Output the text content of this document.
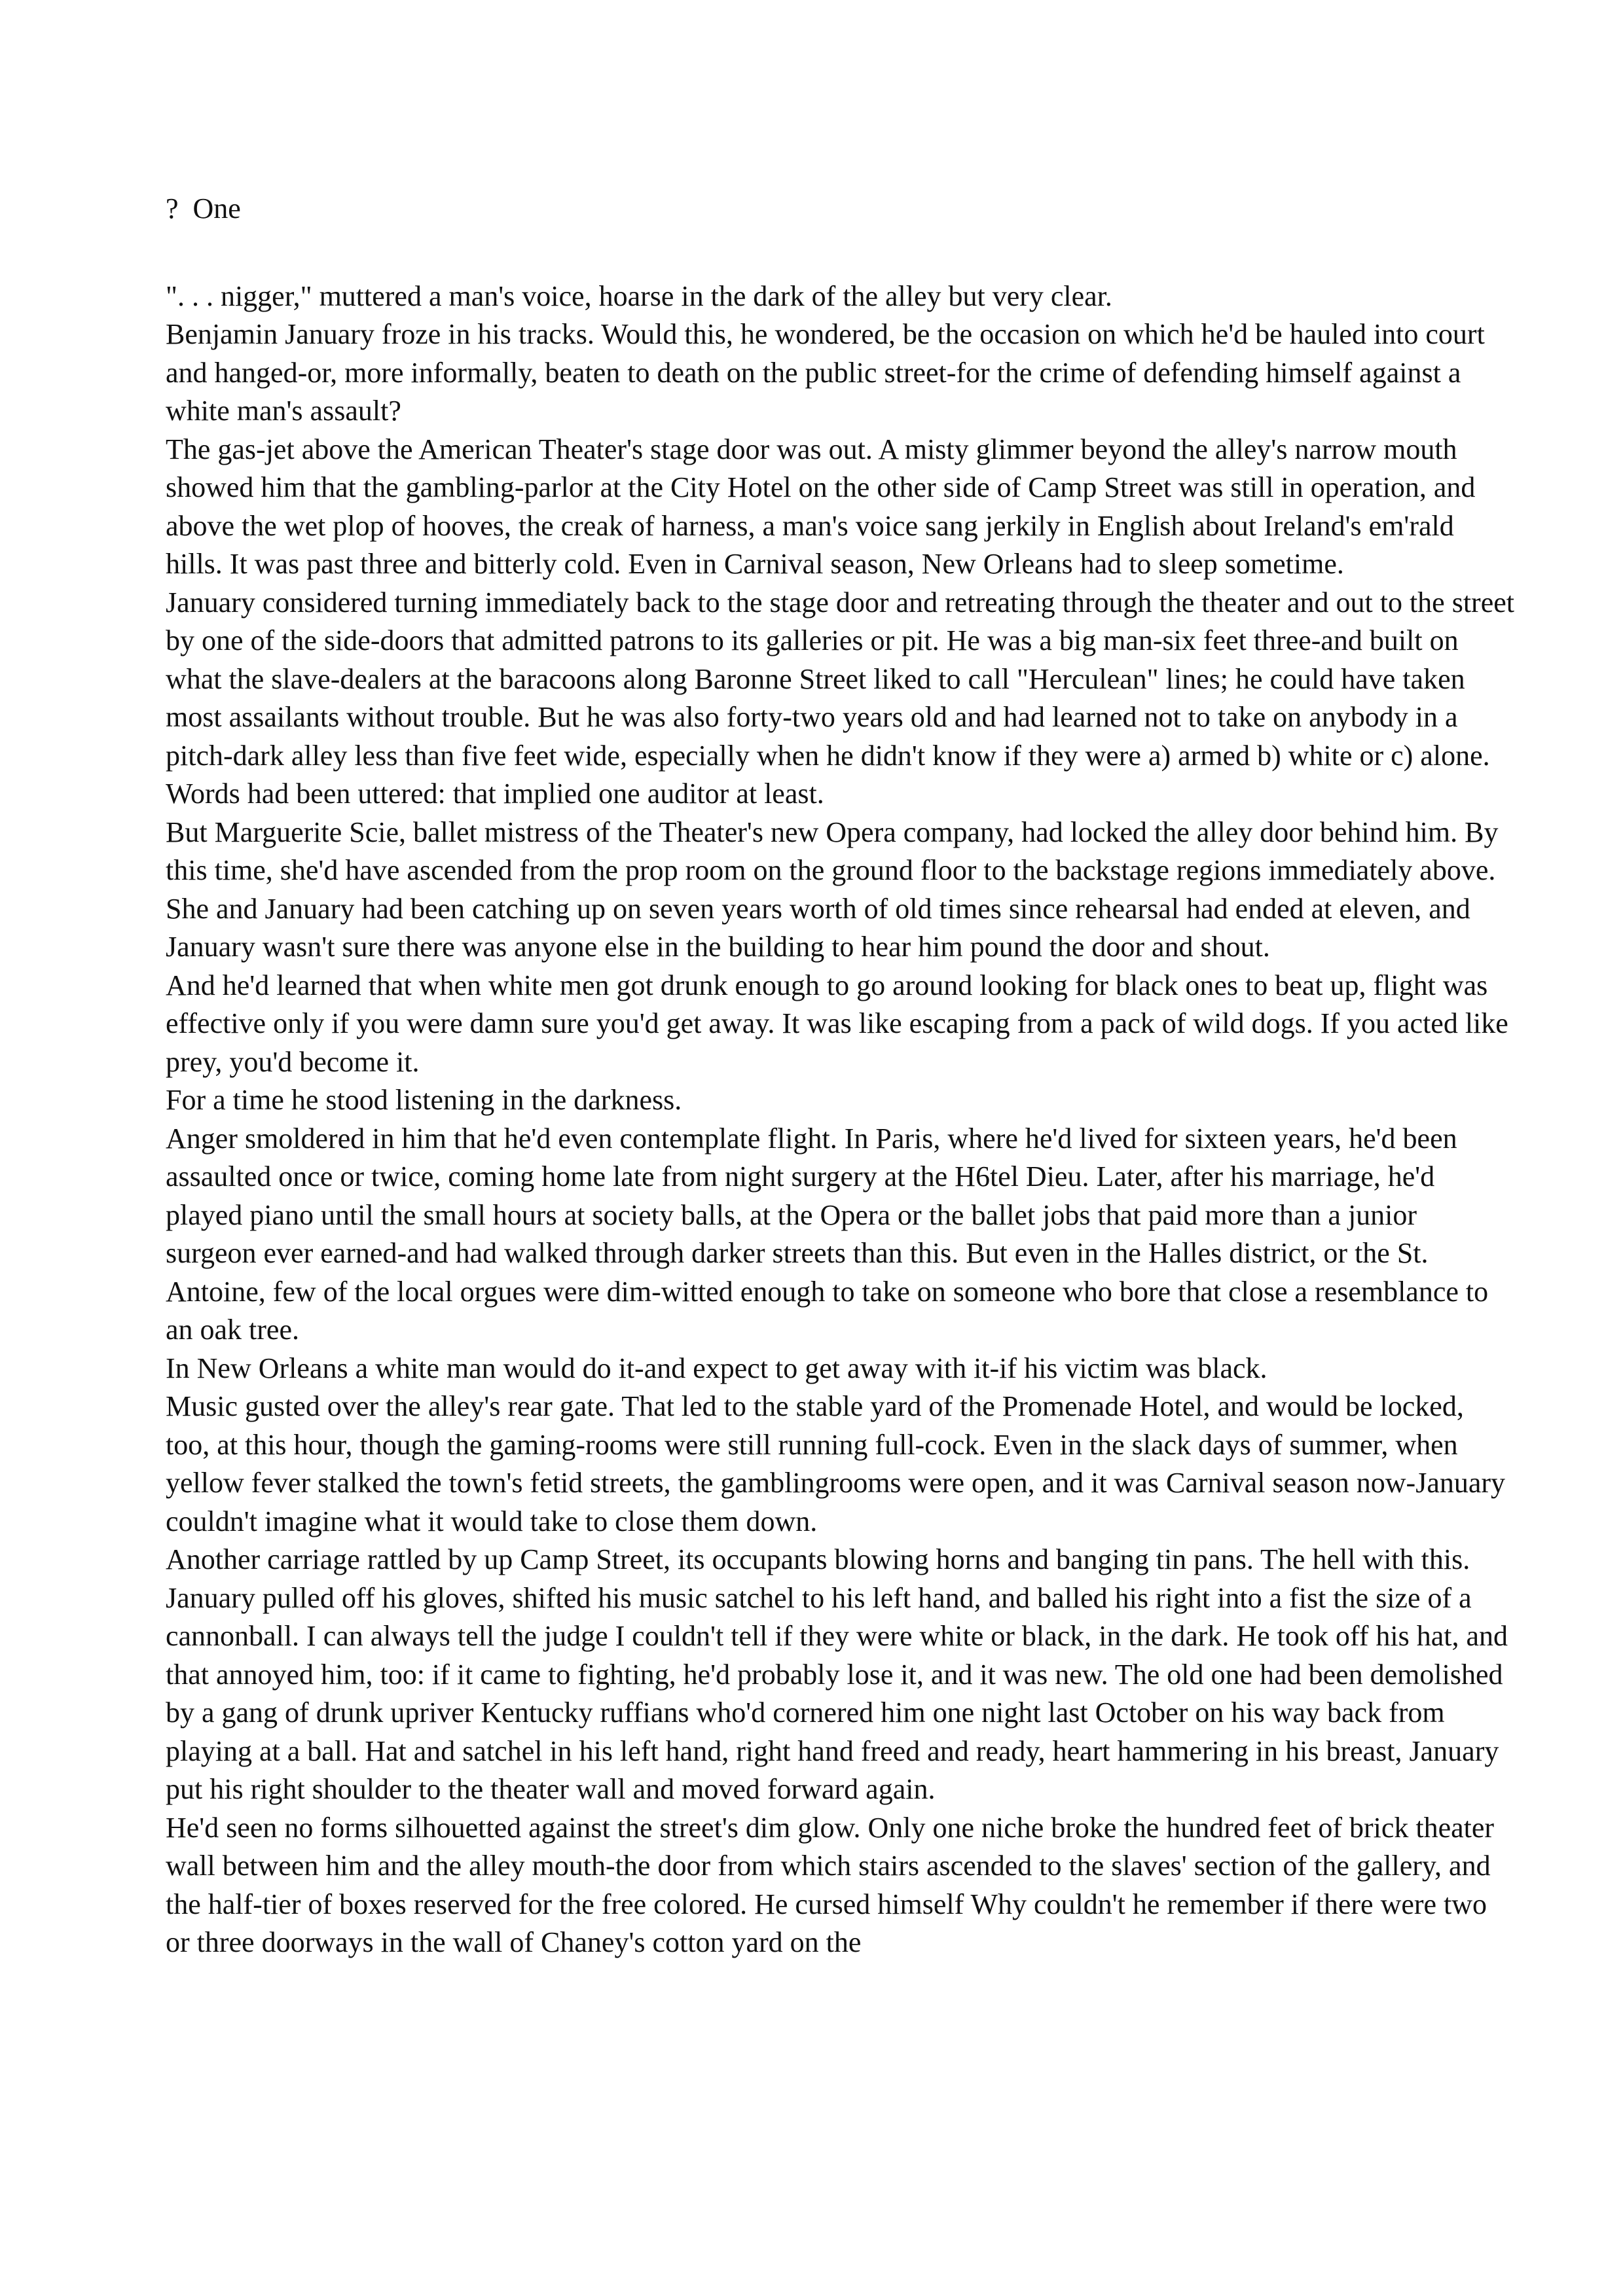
?  One

". . . nigger," muttered a man's voice, hoarse in the dark of the alley but very clear.

Benjamin January froze in his tracks. Would this, he wondered, be the occasion on which he'd be hauled into court and hanged-or, more informally, beaten to death on the public street-for the crime of defending himself against a white man's assault?

The gas-jet above the American Theater's stage door was out. A misty glimmer beyond the alley's narrow mouth showed him that the gambling-parlor at the City Hotel on the other side of Camp Street was still in operation, and above the wet plop of hooves, the creak of harness, a man's voice sang jerkily in English about Ireland's em'rald hills. It was past three and bitterly cold. Even in Carnival season, New Orleans had to sleep sometime.

January considered turning immediately back to the stage door and retreating through the theater and out to the street by one of the side-doors that admitted patrons to its galleries or pit. He was a big man-six feet three-and built on what the slave-dealers at the baracoons along Baronne Street liked to call "Herculean" lines; he could have taken most assailants without trouble. But he was also forty-two years old and had learned not to take on anybody in a pitch-dark alley less than five feet wide, especially when he didn't know if they were a) armed b) white or c) alone. Words had been uttered: that implied one auditor at least.

But Marguerite Scie, ballet mistress of the Theater's new Opera company, had locked the alley door behind him. By this time, she'd have ascended from the prop room on the ground floor to the backstage regions immediately above. She and January had been catching up on seven years worth of old times since rehearsal had ended at eleven, and January wasn't sure there was anyone else in the building to hear him pound the door and shout.

And he'd learned that when white men got drunk enough to go around looking for black ones to beat up, flight was effective only if you were damn sure you'd get away. It was like escaping from a pack of wild dogs. If you acted like prey, you'd become it.

For a time he stood listening in the darkness.

Anger smoldered in him that he'd even contemplate flight. In Paris, where he'd lived for sixteen years, he'd been assaulted once or twice, coming home late from night surgery at the H6tel Dieu. Later, after his marriage, he'd played piano until the small hours at society balls, at the Opera or the ballet jobs that paid more than a junior surgeon ever earned-and had walked through darker streets than this. But even in the Halles district, or the St. Antoine, few of the local orgues were dim-witted enough to take on someone who bore that close a resemblance to an oak tree.

In New Orleans a white man would do it-and expect to get away with it-if his victim was black.

Music gusted over the alley's rear gate. That led to the stable yard of the Promenade Hotel, and would be locked, too, at this hour, though the gaming-rooms were still running full-cock. Even in the slack days of summer, when yellow fever stalked the town's fetid streets, the gamblingrooms were open, and it was Carnival season now-January couldn't imagine what it would take to close them down.

Another carriage rattled by up Camp Street, its occupants blowing horns and banging tin pans. The hell with this. January pulled off his gloves, shifted his music satchel to his left hand, and balled his right into a fist the size of a cannonball. I can always tell the judge I couldn't tell if they were white or black, in the dark. He took off his hat, and that annoyed him, too: if it came to fighting, he'd probably lose it, and it was new. The old one had been demolished by a gang of drunk upriver Kentucky ruffians who'd cornered him one night last October on his way back from playing at a ball. Hat and satchel in his left hand, right hand freed and ready, heart hammering in his breast, January put his right shoulder to the theater wall and moved forward again.

He'd seen no forms silhouetted against the street's dim glow. Only one niche broke the hundred feet of brick theater wall between him and the alley mouth-the door from which stairs ascended to the slaves' section of the gallery, and the half-tier of boxes reserved for the free colored. He cursed himself Why couldn't he remember if there were two or three doorways in the wall of Chaney's cotton yard on the
